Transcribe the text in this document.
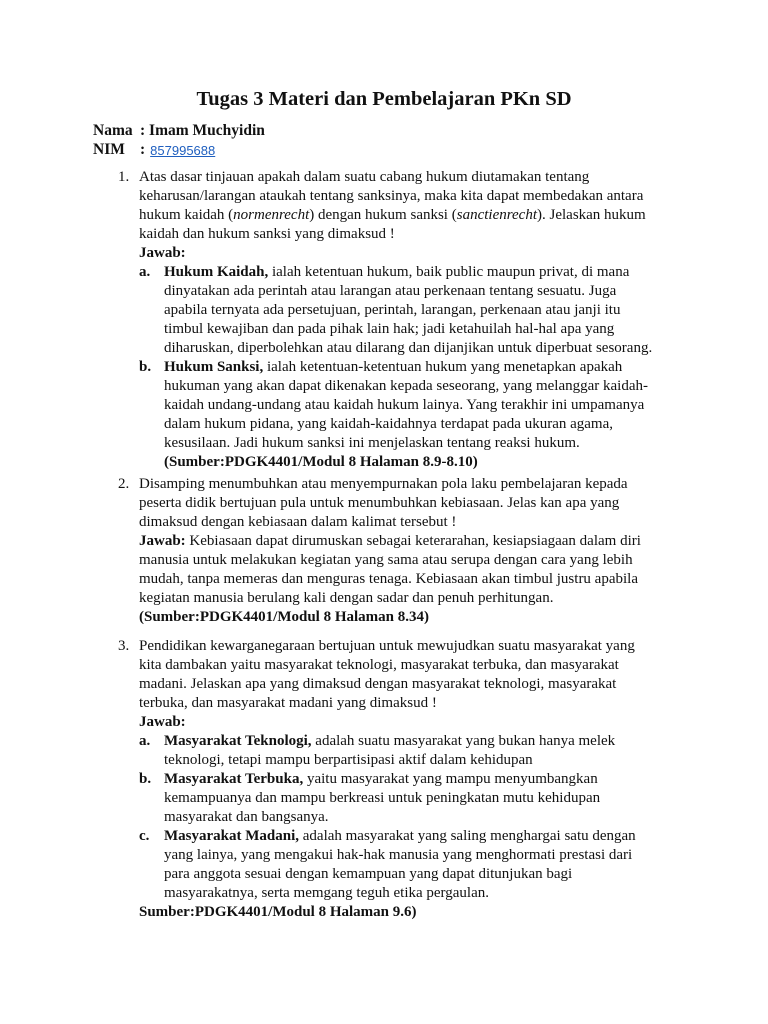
Tugas 3 Materi dan Pembelajaran PKn SD
Nama : Imam Muchyidin
NIM : 857995688
1. Atas dasar tinjauan apakah dalam suatu cabang hukum diutamakan tentang
keharusan/larangan ataukah tentang sanksinya, maka kita dapat membedakan antara
hukum kaidah (normenrecht) dengan hukum sanksi (sanctienrecht). Jelaskan hukum
kaidah dan hukum sanksi yang dimaksud !
Jawab:
a. Hukum Kaidah, ialah ketentuan hukum, baik public maupun privat, di mana
dinyatakan ada perintah atau larangan atau perkenaan tentang sesuatu. Juga
apabila ternyata ada persetujuan, perintah, larangan, perkenaan atau janji itu
timbul kewajiban dan pada pihak lain hak; jadi ketahuilah hal-hal apa yang
diharuskan, diperbolehkan atau dilarang dan dijanjikan untuk diperbuat sesorang.
b. Hukum Sanksi, ialah ketentuan-ketentuan hukum yang menetapkan apakah
hukuman yang akan dapat dikenakan kepada seseorang, yang melanggar kaidah-
kaidah undang-undang atau kaidah hukum lainya. Yang terakhir ini umpamanya
dalam hukum pidana, yang kaidah-kaidahnya terdapat pada ukuran agama,
kesusilaan. Jadi hukum sanksi ini menjelaskan tentang reaksi hukum.
(Sumber:PDGK4401/Modul 8 Halaman 8.9-8.10)
2. Disamping menumbuhkan atau menyempurnakan pola laku pembelajaran kepada
peserta didik bertujuan pula untuk menumbuhkan kebiasaan. Jelas kan apa yang
dimaksud dengan kebiasaan dalam kalimat tersebut !
Jawab: Kebiasaan dapat dirumuskan sebagai keterarahan, kesiapsiagaan dalam diri
manusia untuk melakukan kegiatan yang sama atau serupa dengan cara yang lebih
mudah, tanpa memeras dan menguras tenaga. Kebiasaan akan timbul justru apabila
kegiatan manusia berulang kali dengan sadar dan penuh perhitungan.
(Sumber:PDGK4401/Modul 8 Halaman 8.34)
3. Pendidikan kewarganegaraan bertujuan untuk mewujudkan suatu masyarakat yang
kita dambakan yaitu masyarakat teknologi, masyarakat terbuka, dan masyarakat
madani. Jelaskan apa yang dimaksud dengan masyarakat teknologi, masyarakat
terbuka, dan masyarakat madani yang dimaksud !
Jawab:
a. Masyarakat Teknologi, adalah suatu masyarakat yang bukan hanya melek
teknologi, tetapi mampu berpartisipasi aktif dalam kehidupan
b. Masyarakat Terbuka, yaitu masyarakat yang mampu menyumbangkan
kemampuanya dan mampu berkreasi untuk peningkatan mutu kehidupan
masyarakat dan bangsanya.
c. Masyarakat Madani, adalah masyarakat yang saling menghargai satu dengan
yang lainya, yang mengakui hak-hak manusia yang menghormati prestasi dari
para anggota sesuai dengan kemampuan yang dapat ditunjukan bagi
masyarakatnya, serta memgang teguh etika pergaulan.
Sumber:PDGK4401/Modul 8 Halaman 9.6)
